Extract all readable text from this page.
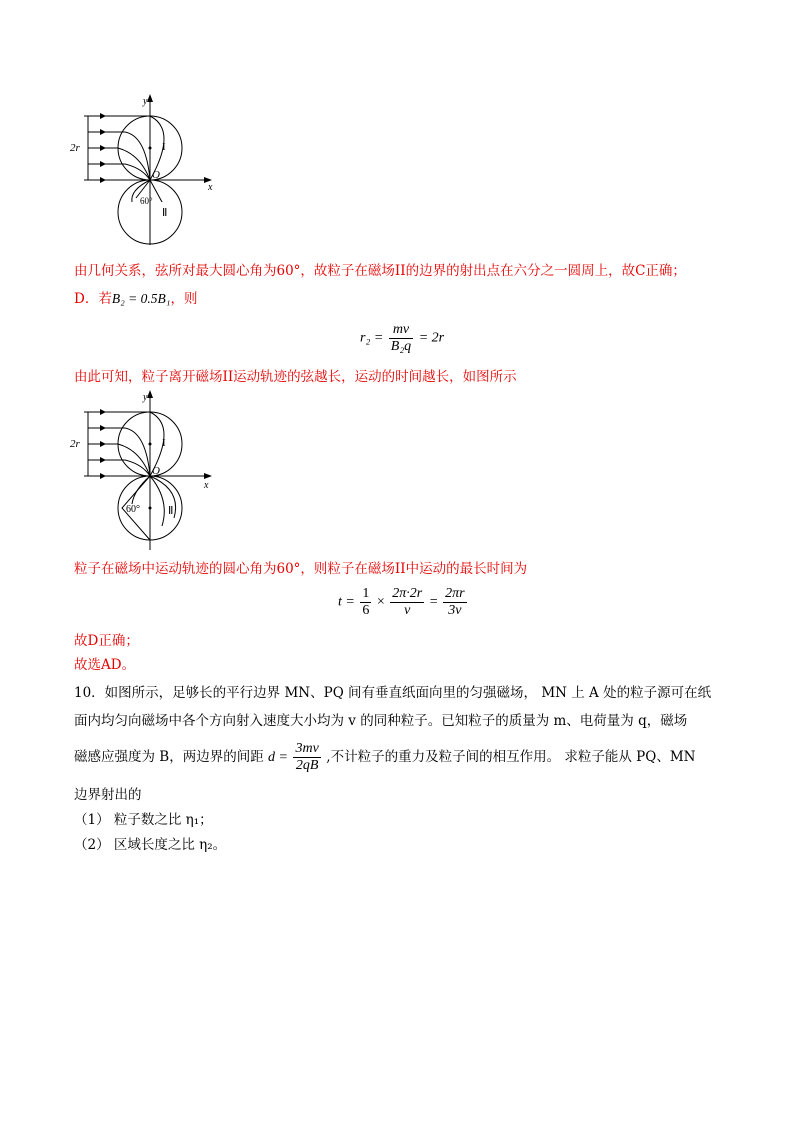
y
x
O
2r	I
Ⅱ
60°
由几何关系，弦所对最大圆心角为60°，故粒子在磁场II的边界的射出点在六分之一圆周上，故C正确；
D．若B₂ = 0.5B₁，则
$r_2 = \frac{mv}{\text{B₂q}} = 2r$
由此可知，粒子离开磁场II运动轨迹的弦越长，运动的时间越长，如图所示
y
x
O
2r	I
Ⅱ
60°
粒子在磁场中运动轨迹的圆心角为60°，则粒子在磁场II中运动的最长时间为
$t = \frac{1}{6} \times \frac{2\pi\cdot 2r}{v} = \frac{2\pi r}{3v}$
故D正确；
故选AD。
10．如图所示，足够长的平行边界 MN、PQ 间有垂直纸面向里的匀强磁场， MN 上 A 处的粒子源可在纸
面内均匀向磁场中各个方向射入速度大小均为 v 的同种粒子。已知粒子的质量为 m、电荷量为 q，磁场
磁感应强度为 B，两边界的间距 $d = \frac{3mv}{2qB}$ ,不计粒子的重力及粒子间的相互作用。 求粒子能从 PQ、MN
边界射出的
（1） 粒子数之比 η₁；
（2） 区域长度之比 η₂。
